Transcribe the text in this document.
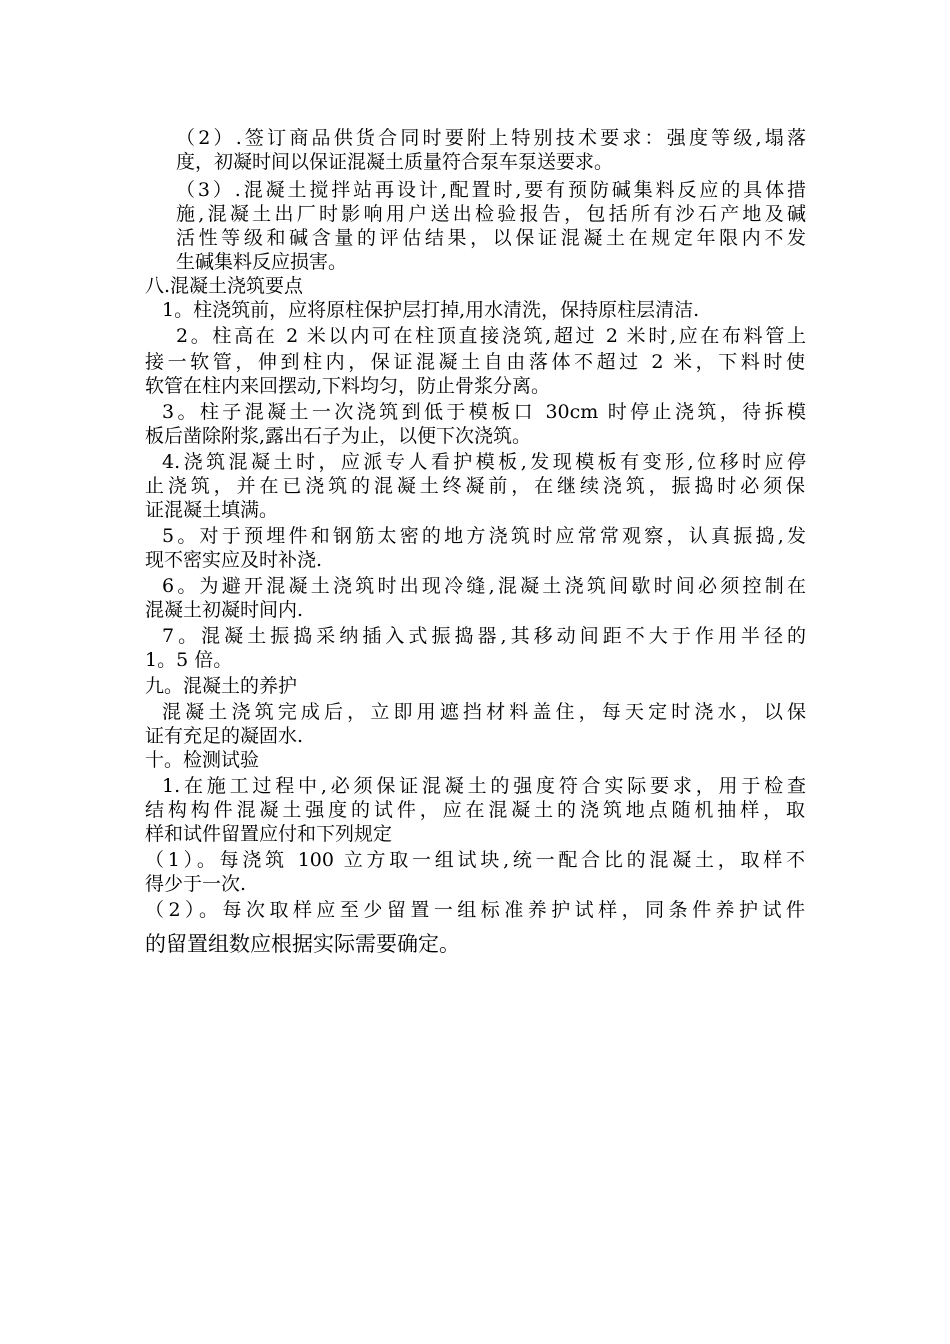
（2）.签订商品供货合同时要附上特别技术要求：强度等级,塌落
度，初凝时间以保证混凝土质量符合泵车泵送要求。
（3）.混凝土搅拌站再设计,配置时,要有预防碱集料反应的具体措
施,混凝土出厂时影响用户送出检验报告，包括所有沙石产地及碱
活性等级和碱含量的评估结果，以保证混凝土在规定年限内不发
生碱集料反应损害。
八.混凝土浇筑要点
1。柱浇筑前，应将原柱保护层打掉,用水清洗，保持原柱层清洁.
2。柱高在 2 米以内可在柱顶直接浇筑,超过 2 米时,应在布料管上
接一软管，伸到柱内，保证混凝土自由落体不超过 2 米，下料时使
软管在柱内来回摆动,下料均匀，防止骨浆分离。
3。柱子混凝土一次浇筑到低于模板口 30cm 时停止浇筑，待拆模
板后凿除附浆,露出石子为止，以便下次浇筑。
4.浇筑混凝土时，应派专人看护模板,发现模板有变形,位移时应停
止浇筑，并在已浇筑的混凝土终凝前，在继续浇筑，振捣时必须保
证混凝土填满。
5。对于预埋件和钢筋太密的地方浇筑时应常常观察，认真振捣,发
现不密实应及时补浇.
6。为避开混凝土浇筑时出现冷缝,混凝土浇筑间歇时间必须控制在
混凝土初凝时间内.
7。混凝土振捣采纳插入式振捣器,其移动间距不大于作用半径的
1。5 倍。
九。混凝土的养护
混凝土浇筑完成后，立即用遮挡材料盖住，每天定时浇水，以保
证有充足的凝固水.
十。检测试验
1.在施工过程中,必须保证混凝土的强度符合实际要求，用于检查
结构构件混凝土强度的试件，应在混凝土的浇筑地点随机抽样，取
样和试件留置应付和下列规定
（1）。每浇筑 100 立方取一组试块,统一配合比的混凝土，取样不
得少于一次.
（2）。每次取样应至少留置一组标准养护试样，同条件养护试件
的留置组数应根据实际需要确定。
